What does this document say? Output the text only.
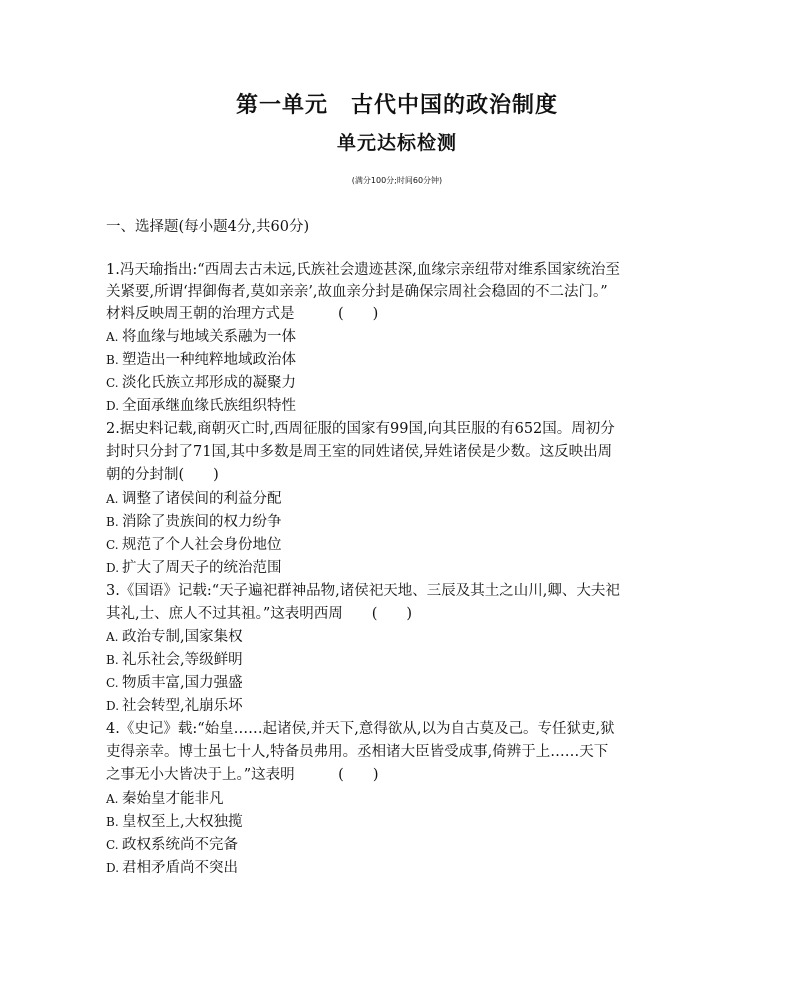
第一单元　古代中国的政治制度
单元达标检测
(满分100分;时间60分钟)
一、选择题(每小题4分,共60分)
1.冯天瑜指出:“西周去古未远,氏族社会遗迹甚深,血缘宗亲纽带对维系国家统治至
关紧要,所谓‘捍御侮者,莫如亲亲’,故血亲分封是确保宗周社会稳固的不二法门。”
材料反映周王朝的治理方式是　　　(　　)
A. 将血缘与地域关系融为一体
B. 塑造出一种纯粹地域政治体
C. 淡化氏族立邦形成的凝聚力
D. 全面承继血缘氏族组织特性
2.据史料记载,商朝灭亡时,西周征服的国家有99国,向其臣服的有652国。周初分
封时只分封了71国,其中多数是周王室的同姓诸侯,异姓诸侯是少数。这反映出周
朝的分封制(　　)
A. 调整了诸侯间的利益分配
B. 消除了贵族间的权力纷争
C. 规范了个人社会身份地位
D. 扩大了周天子的统治范围
3.《国语》记载:“天子遍祀群神品物,诸侯祀天地、三辰及其土之山川,卿、大夫祀
其礼,士、庶人不过其祖。”这表明西周　　(　　)
A. 政治专制,国家集权
B. 礼乐社会,等级鲜明
C. 物质丰富,国力强盛
D. 社会转型,礼崩乐坏
4.《史记》载:“始皇……起诸侯,并天下,意得欲从,以为自古莫及己。专任狱吏,狱
吏得亲幸。博士虽七十人,特备员弗用。丞相诸大臣皆受成事,倚辨于上……天下
之事无小大皆决于上。”这表明　　　(　　)
A. 秦始皇才能非凡
B. 皇权至上,大权独揽
C. 政权系统尚不完备
D. 君相矛盾尚不突出
